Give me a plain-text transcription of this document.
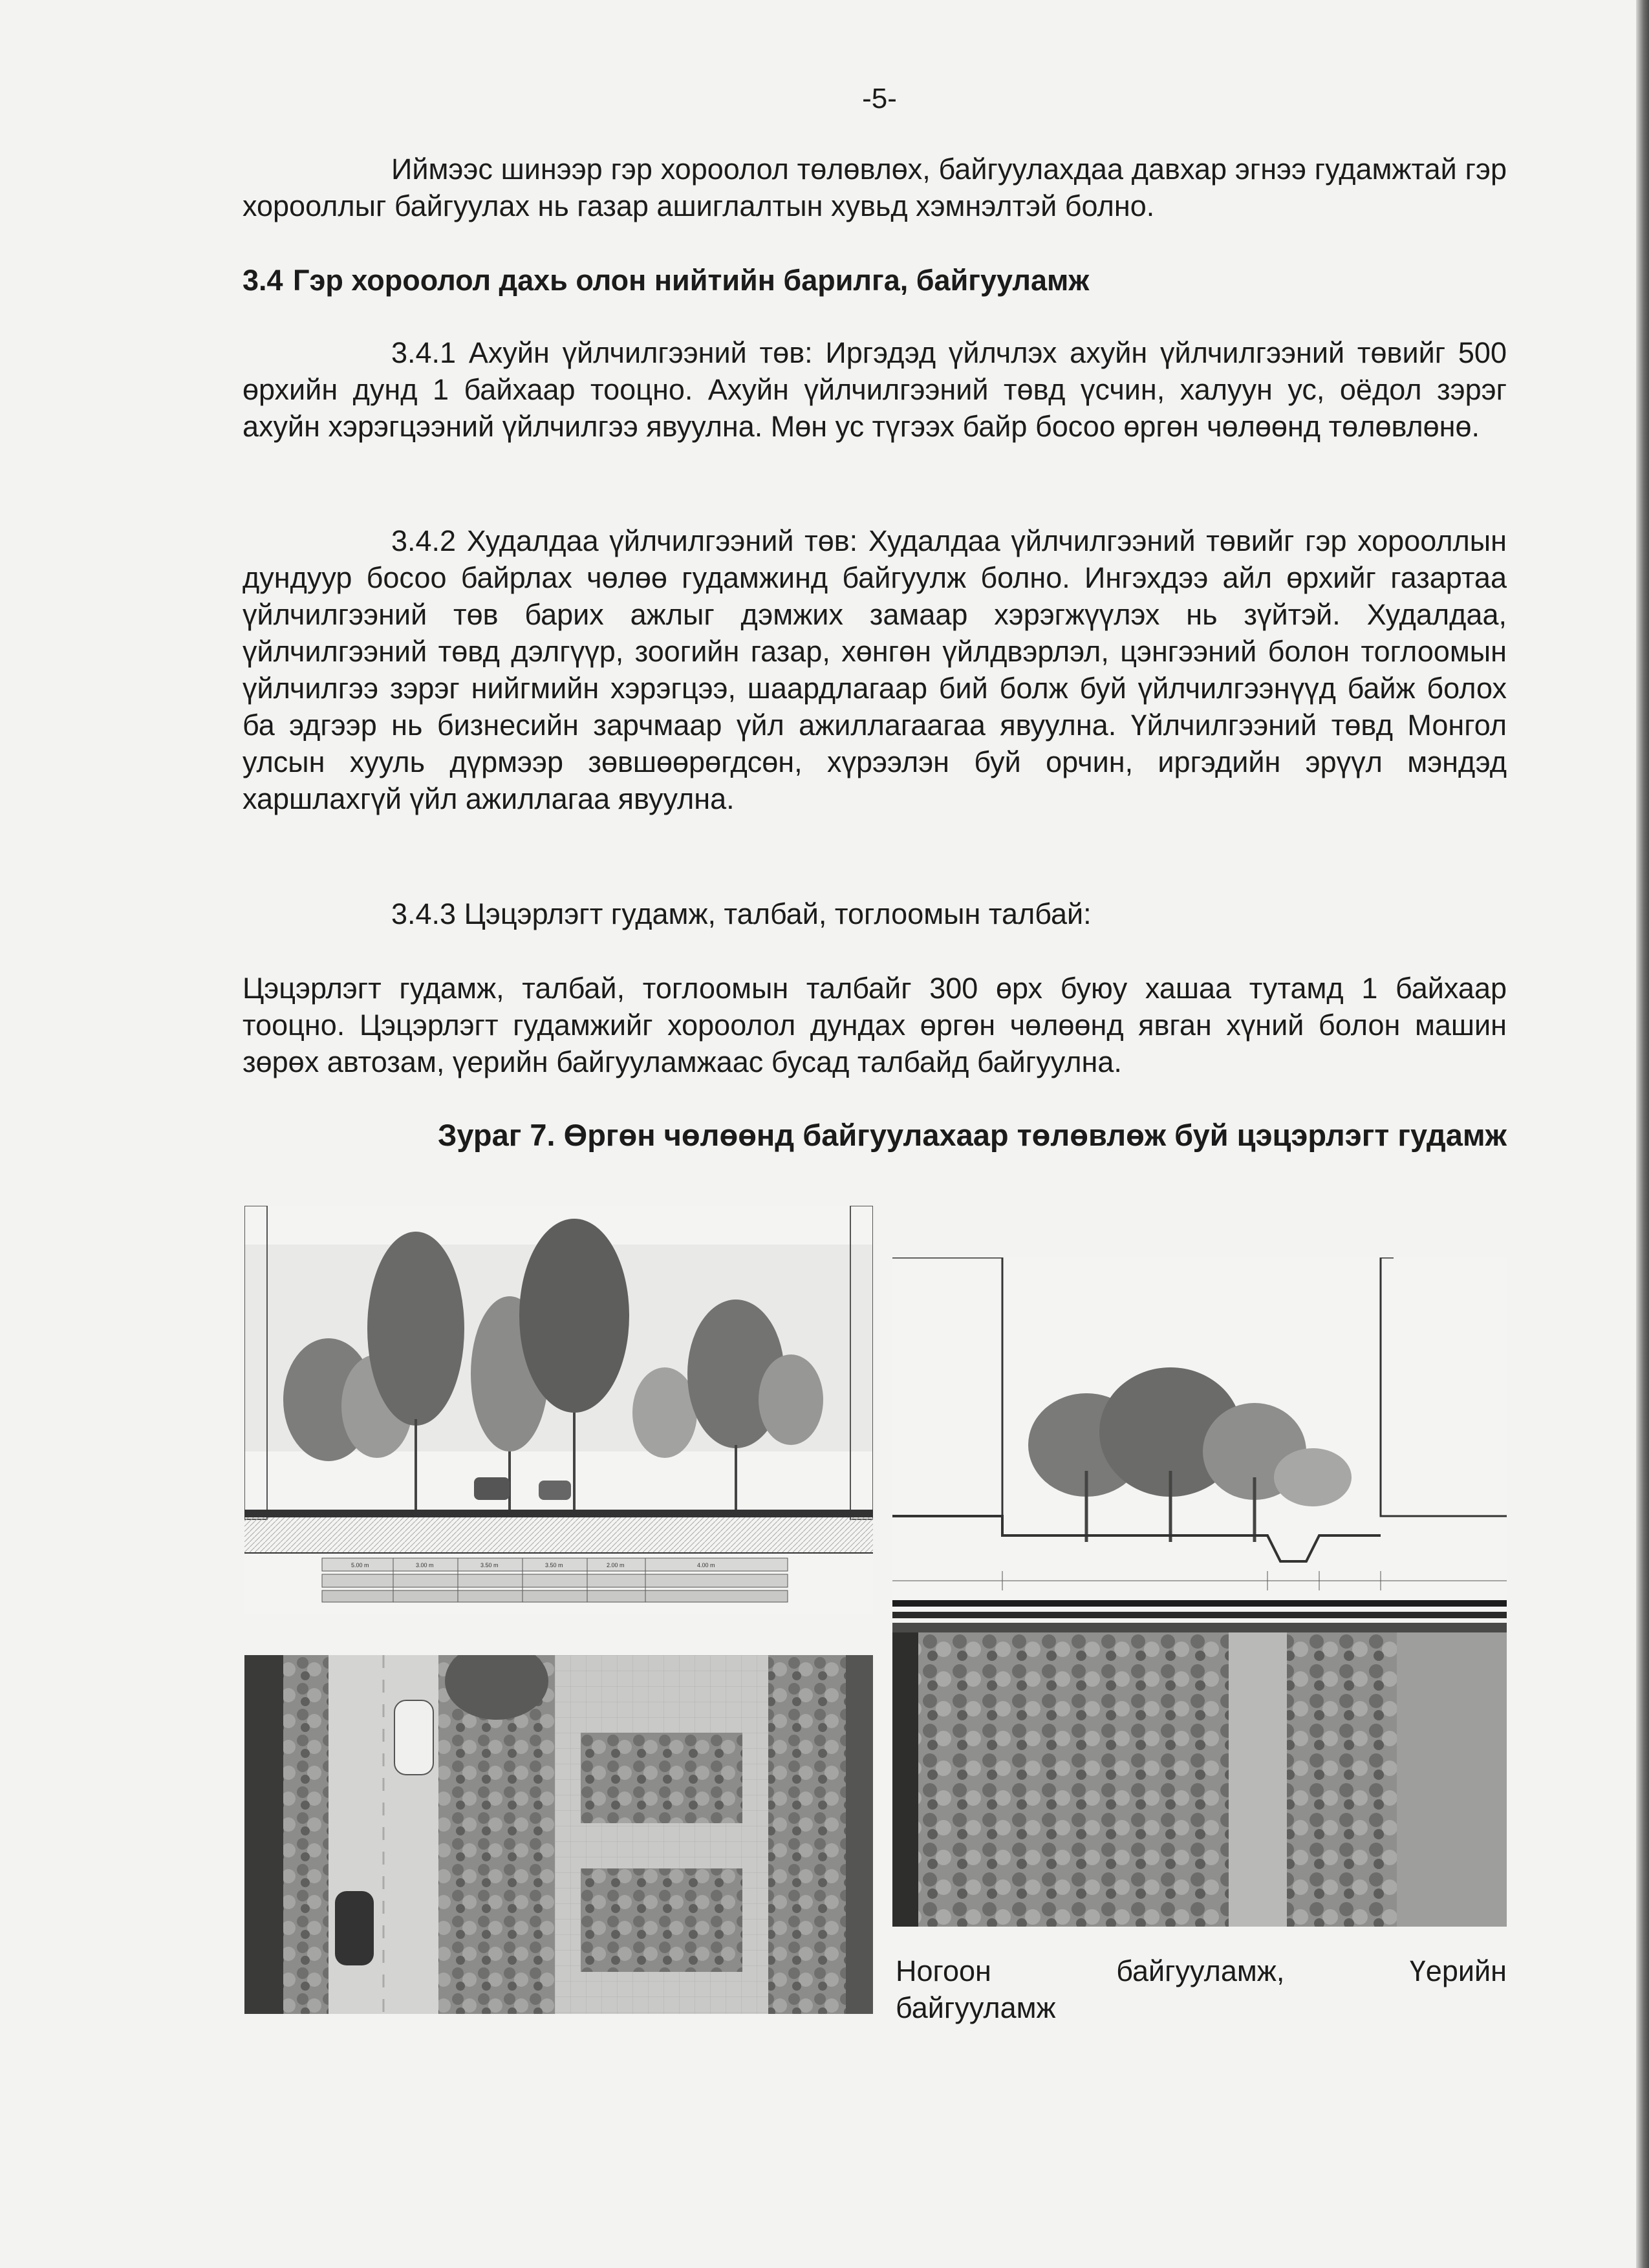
-5-

Иймээс шинээр гэр хороолол төлөвлөх, байгуулахдаа давхар эгнээ гудамжтай гэр хорооллыг байгуулах нь газар ашиглалтын хувьд хэмнэлтэй болно.

3.4 Гэр хороолол дахь олон нийтийн барилга, байгууламж

3.4.1 Ахуйн үйлчилгээний төв: Иргэдэд үйлчлэх ахуйн үйлчилгээний төвийг 500 өрхийн дунд 1 байхаар тооцно. Ахуйн үйлчилгээний төвд үсчин, халуун ус, оёдол зэрэг ахуйн хэрэгцээний үйлчилгээ явуулна. Мөн ус түгээх байр босоо өргөн чөлөөнд төлөвлөнө.

3.4.2 Худалдаа үйлчилгээний төв: Худалдаа үйлчилгээний төвийг гэр хорооллын дундуур босоо байрлах чөлөө гудамжинд байгуулж болно. Ингэхдээ айл өрхийг газартаа үйлчилгээний төв барих ажлыг дэмжих замаар хэрэгжүүлэх нь зүйтэй. Худалдаа, үйлчилгээний төвд дэлгүүр, зоогийн газар, хөнгөн үйлдвэрлэл, цэнгээний болон тоглоомын үйлчилгээ зэрэг нийгмийн хэрэгцээ, шаардлагаар бий болж буй үйлчилгээнүүд байж болох ба эдгээр нь бизнесийн зарчмаар үйл ажиллагаагаа явуулна. Үйлчилгээний төвд Монгол улсын хууль дүрмээр зөвшөөрөгдсөн, хүрээлэн буй орчин, иргэдийн эрүүл мэндэд харшлахгүй үйл ажиллагаа явуулна.

3.4.3 Цэцэрлэгт гудамж, талбай, тоглоомын талбай:

Цэцэрлэгт гудамж, талбай, тоглоомын талбайг 300 өрх буюу хашаа тутамд 1 байхаар тооцно. Цэцэрлэгт гудамжийг хороолол дундах өргөн чөлөөнд явган хүний болон машин зөрөх автозам, үерийн байгууламжаас бусад талбайд байгуулна.

Зураг 7. Өргөн чөлөөнд байгуулахаар төлөвлөж буй цэцэрлэгт гудамж

5.00 m	3.00 m	3.50 m	3.50 m	2.00 m	4.00 m
Ногоон	байгууламж,	Үерийн
байгууламж
